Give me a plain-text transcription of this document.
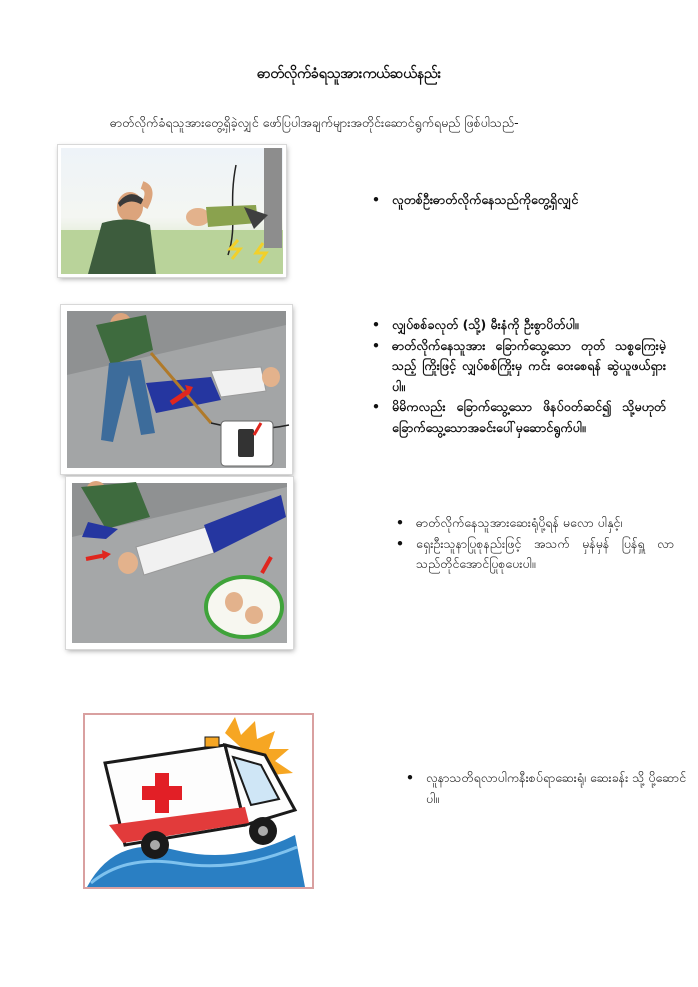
ဓာတ်လိုက်ခံရသူအားကယ်ဆယ်နည်း
ဓာတ်လိုက်ခံရသူအားတွေ့ရှိခဲ့လျှင် ဖော်ပြပါအချက်များအတိုင်းဆောင်ရွက်ရမည် ဖြစ်ပါသည်-
• လူတစ်ဦးဓာတ်လိုက်နေသည်ကိုတွေ့ရှိလျှင်
• လျှပ်စစ်ခလုတ် (သို့) မီးနံကို ဦးစွာပိတ်ပါ။
• ဓာတ်လိုက်နေသူအား ခြောက်သွေ့သော တုတ် သစ္စကြေးမဲ့သည့် ကြိုးဖြင့် လျှပ်စစ်ကြိုးမှ ကင်း ဝေးစေရန် ဆွဲယူဖယ်ရှားပါ။
• မိမိကလည်း ခြောက်သွေ့သော ဖိနပ်ဝတ်ဆင်၍ သို့မဟုတ် ခြောက်သွေ့သောအခင်းပေါ်မှဆောင်ရွက်ပါ။
• ဓာတ်လိုက်နေသူအားဆေးရုံပို့ရန် မလော ပါနှင့်၊
• ရှေးဦးသူနာပြုစုနည်းဖြင့် အသက် မှန်မှန် ပြန်ရှူ လာသည်တိုင်အောင်ပြုစုပေးပါ။
• လူနာသတိရလာပါကနီးစပ်ရာဆေးရုံ၊ ဆေးခန်း သို့ ပို့ဆောင်ပါ။
